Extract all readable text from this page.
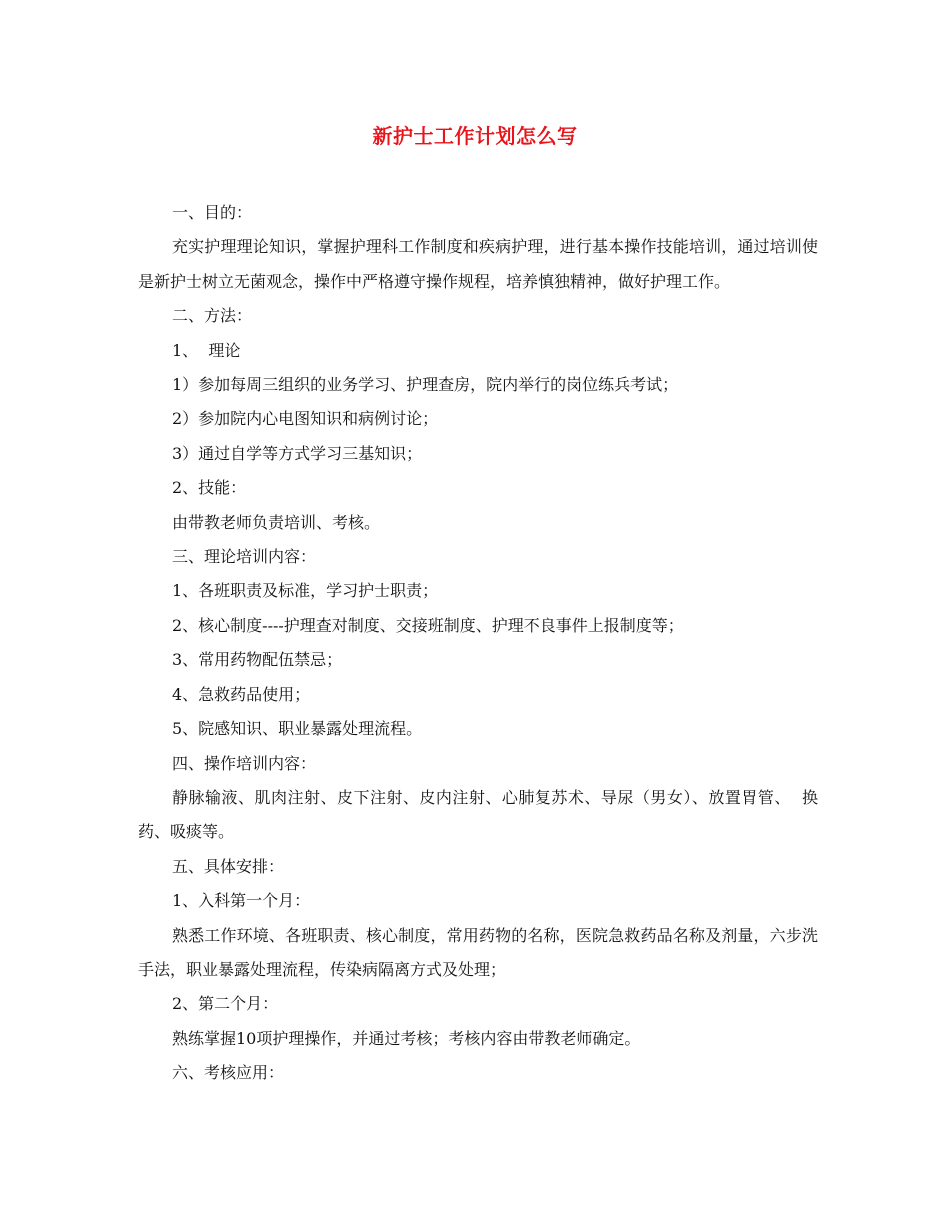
新护士工作计划怎么写

一、目的：

充实护理理论知识，掌握护理科工作制度和疾病护理，进行基本操作技能培训，通过培训使是新护士树立无菌观念，操作中严格遵守操作规程，培养慎独精神，做好护理工作。

二、方法：

1、  理论

1）参加每周三组织的业务学习、护理查房，院内举行的岗位练兵考试；

2）参加院内心电图知识和病例讨论；

3）通过自学等方式学习三基知识；

2、技能：

由带教老师负责培训、考核。

三、理论培训内容：

1、各班职责及标准，学习护士职责；

2、核心制度----护理查对制度、交接班制度、护理不良事件上报制度等；

3、常用药物配伍禁忌；

4、急救药品使用；

5、院感知识、职业暴露处理流程。

四、操作培训内容：

静脉输液、肌肉注射、皮下注射、皮内注射、心肺复苏术、导尿（男女）、放置胃管、  换药、吸痰等。

五、具体安排：

1、入科第一个月：

熟悉工作环境、各班职责、核心制度，常用药物的名称，医院急救药品名称及剂量，六步洗手法，职业暴露处理流程，传染病隔离方式及处理；

2、第二个月：

熟练掌握10项护理操作，并通过考核；考核内容由带教老师确定。

六、考核应用：
